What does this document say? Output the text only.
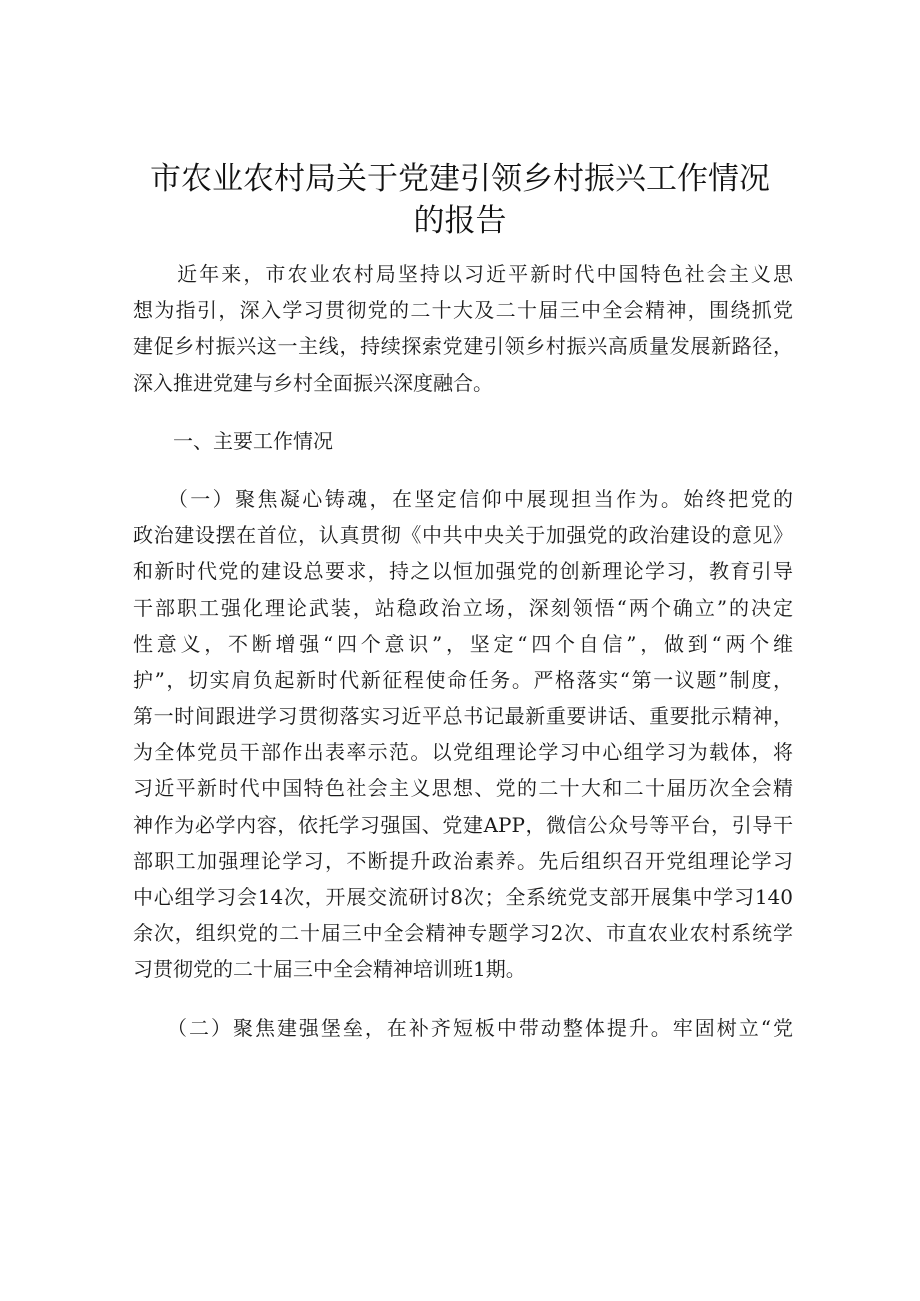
市农业农村局关于党建引领乡村振兴工作情况
的报告
　　近年来，市农业农村局坚持以习近平新时代中国特色社会主义思
想为指引，深入学习贯彻党的二十大及二十届三中全会精神，围绕抓党
建促乡村振兴这一主线，持续探索党建引领乡村振兴高质量发展新路径，
深入推进党建与乡村全面振兴深度融合。
　　一、主要工作情况
　　（一）聚焦凝心铸魂，在坚定信仰中展现担当作为。始终把党的
政治建设摆在首位，认真贯彻《中共中央关于加强党的政治建设的意见》
和新时代党的建设总要求，持之以恒加强党的创新理论学习，教育引导
干部职工强化理论武装，站稳政治立场，深刻领悟“两个确立”的决定
性意义，不断增强“四个意识”，坚定“四个自信”，做到“两个维
护”，切实肩负起新时代新征程使命任务。严格落实“第一议题”制度，
第一时间跟进学习贯彻落实习近平总书记最新重要讲话、重要批示精神，
为全体党员干部作出表率示范。以党组理论学习中心组学习为载体，将
习近平新时代中国特色社会主义思想、党的二十大和二十届历次全会精
神作为必学内容，依托学习强国、党建APP，微信公众号等平台，引导干
部职工加强理论学习，不断提升政治素养。先后组织召开党组理论学习
中心组学习会14次，开展交流研讨8次；全系统党支部开展集中学习140
余次，组织党的二十届三中全会精神专题学习2次、市直农业农村系统学
习贯彻党的二十届三中全会精神培训班1期。
　　（二）聚焦建强堡垒，在补齐短板中带动整体提升。牢固树立“党
